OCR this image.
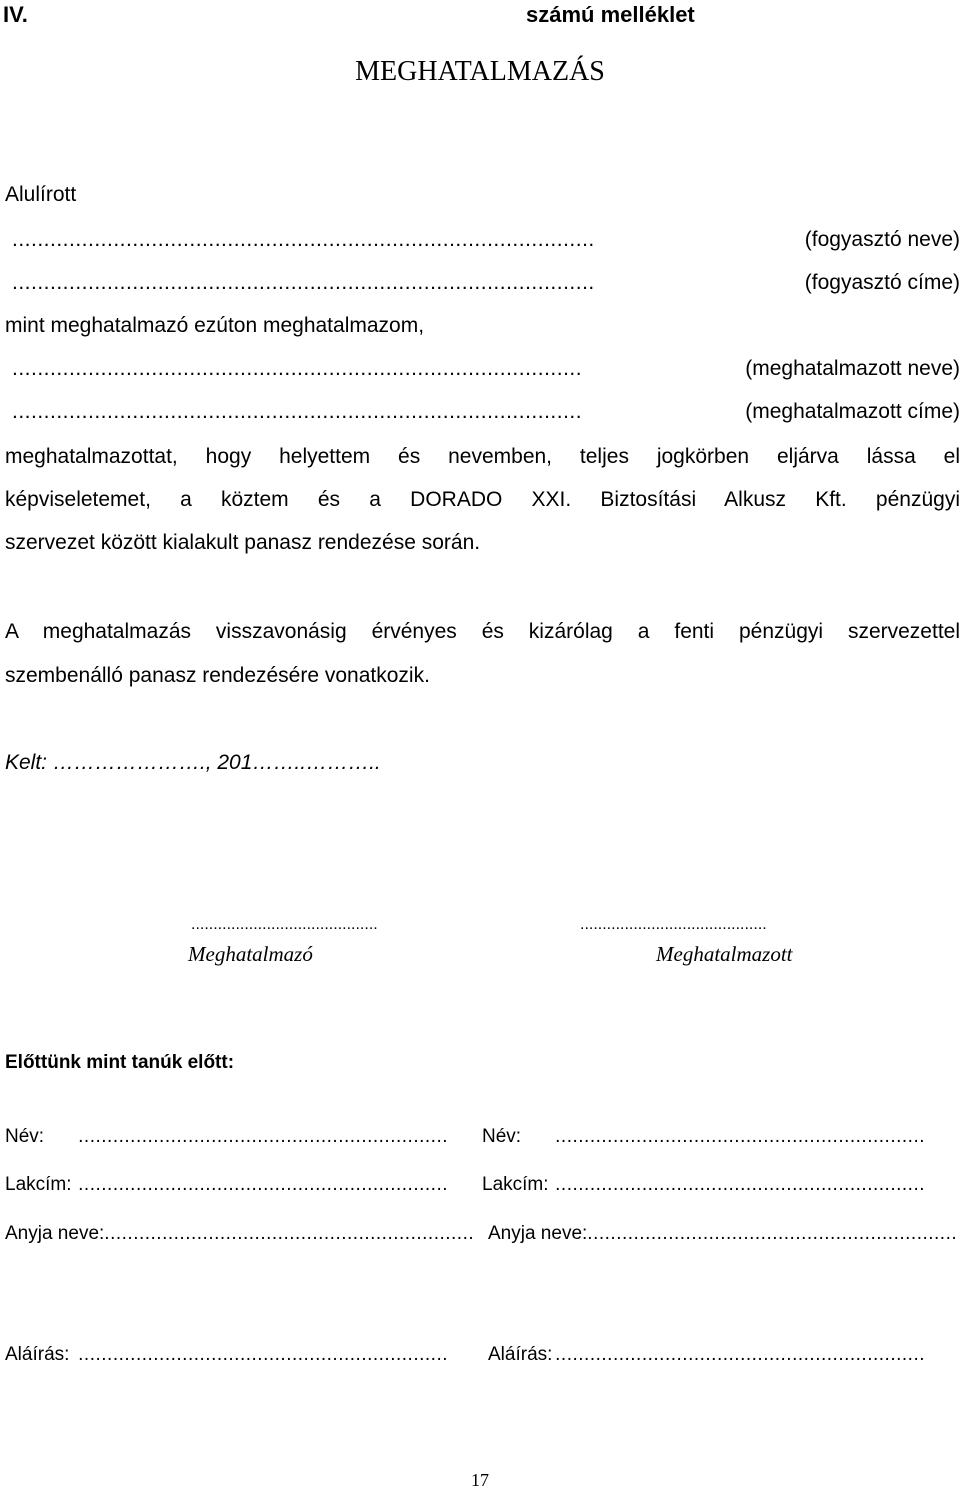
IV.	számú melléklet
MEGHATALMAZÁS
Alulírott
............................................................................................	(fogyasztó neve)
............................................................................................	(fogyasztó címe)
mint meghatalmazó ezúton meghatalmazom,
..........................................................................................	(meghatalmazott neve)
..........................................................................................	(meghatalmazott címe)
meghatalmazottat, hogy helyettem és nevemben, teljes jogkörben eljárva lássa el
képviseletemet, a köztem és a DORADO XXI. Biztosítási Alkusz Kft. pénzügyi
szervezet között kialakult panasz rendezése során.
A meghatalmazás visszavonásig érvényes és kizárólag a fenti pénzügyi szervezettel
szembenálló panasz rendezésére vonatkozik.
Kelt: …………………., 201……..………..
..........................................
Meghatalmazó
..........................................
Meghatalmazott
Előttünk mint tanúk előtt:
Név:	................................................................
Lakcím: ................................................................
Anyja neve: ................................................................
Aláírás: ................................................................
Név:	................................................................
Lakcím: ................................................................
Anyja neve: ................................................................
Aláírás: ................................................................
17
